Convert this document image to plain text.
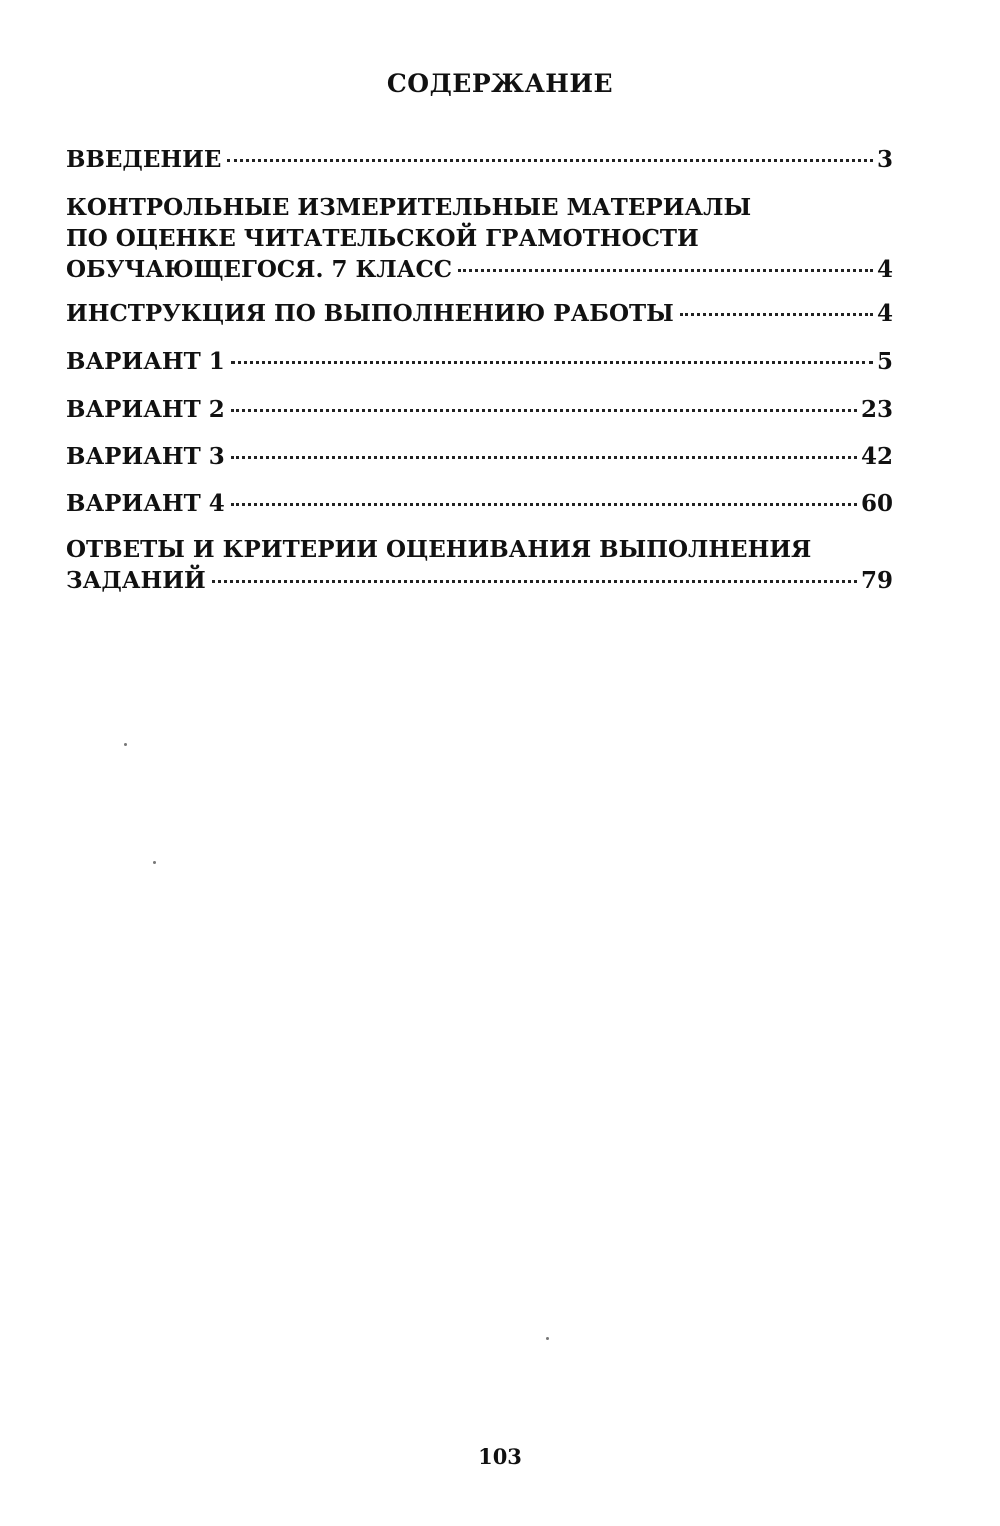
СОДЕРЖАНИЕ
ВВЕДЕНИЕ	3
КОНТРОЛЬНЫЕ ИЗМЕРИТЕЛЬНЫЕ МАТЕРИАЛЫ
ПО ОЦЕНКЕ ЧИТАТЕЛЬСКОЙ ГРАМОТНОСТИ
ОБУЧАЮЩЕГОСЯ. 7 КЛАСС	4
ИНСТРУКЦИЯ ПО ВЫПОЛНЕНИЮ РАБОТЫ	4
ВАРИАНТ 1	5
ВАРИАНТ 2	23
ВАРИАНТ 3	42
ВАРИАНТ 4	60
ОТВЕТЫ И КРИТЕРИИ ОЦЕНИВАНИЯ ВЫПОЛНЕНИЯ
ЗАДАНИЙ	79
103
